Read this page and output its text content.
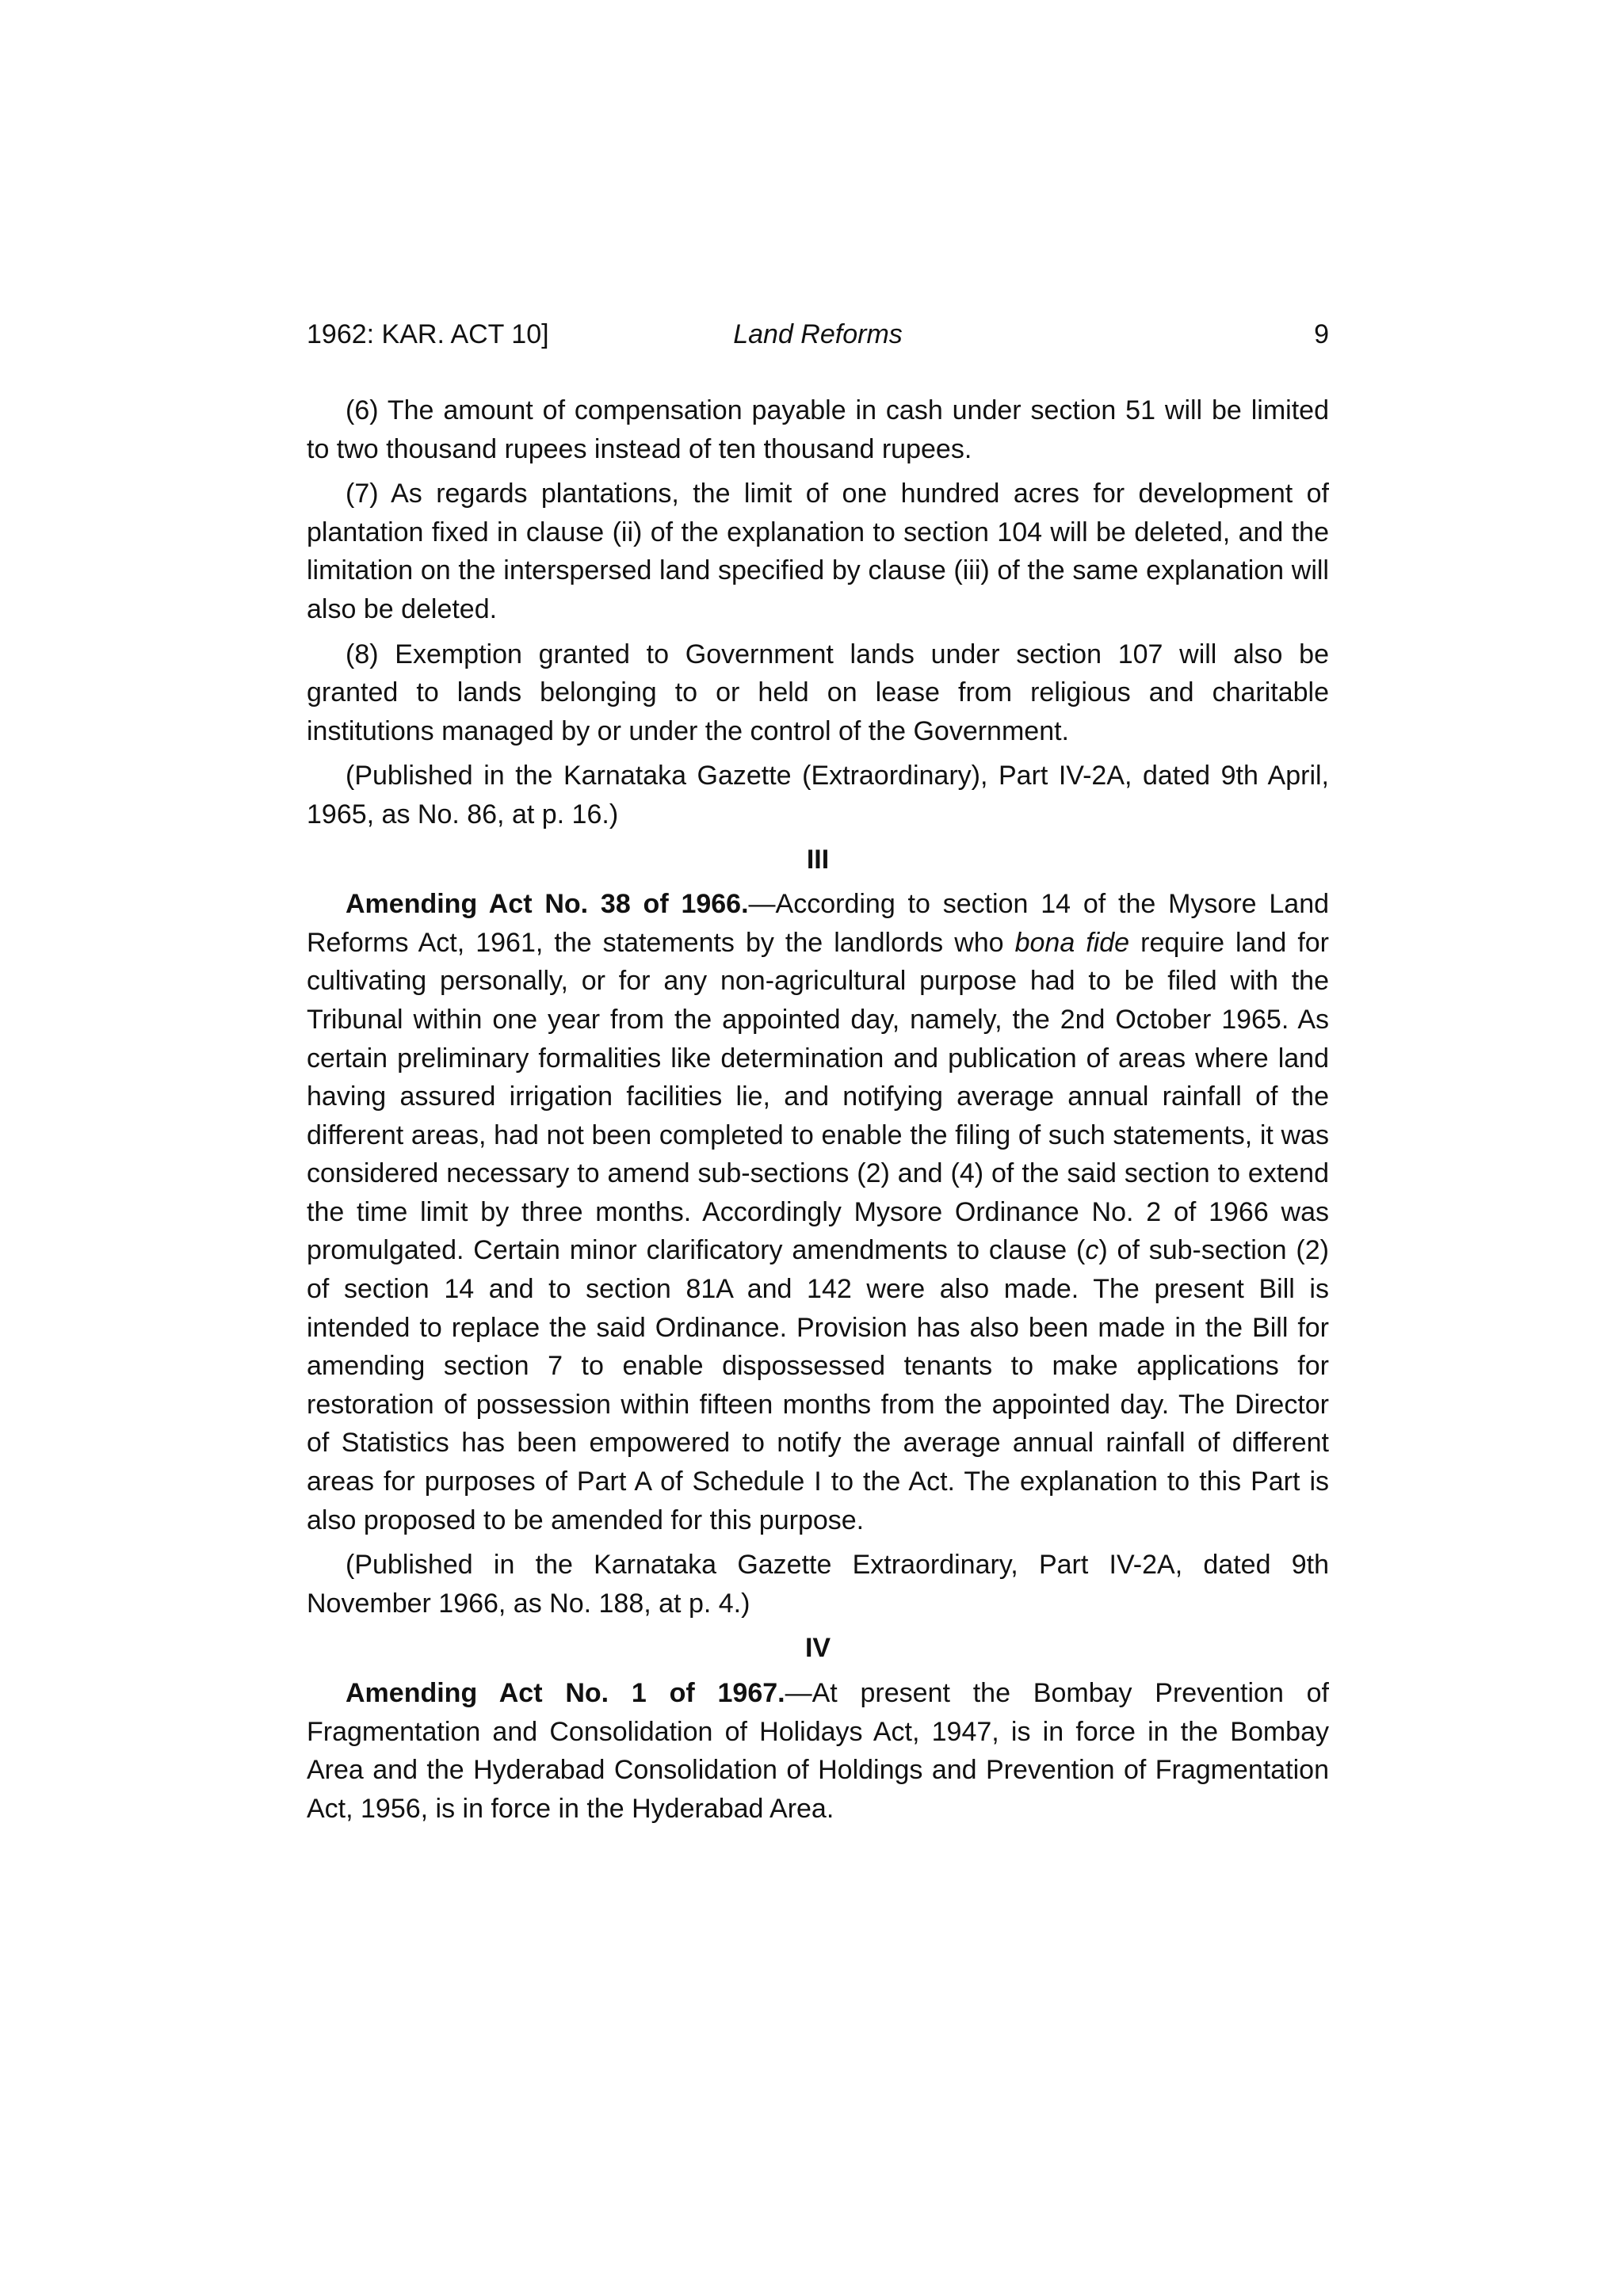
1962: KAR. ACT 10]	Land Reforms	9

(6) The amount of compensation payable in cash under section 51 will be limited to two thousand rupees instead of ten thousand rupees.

(7) As regards plantations, the limit of one hundred acres for development of plantation fixed in clause (ii) of the explanation to section 104 will be deleted, and the limitation on the interspersed land specified by clause (iii) of the same explanation will also be deleted.

(8) Exemption granted to Government lands under section 107 will also be granted to lands belonging to or held on lease from religious and charitable institutions managed by or under the control of the Government.

(Published in the Karnataka Gazette (Extraordinary), Part IV-2A, dated 9th April, 1965, as No. 86, at p. 16.)

III

Amending Act No. 38 of 1966.—According to section 14 of the Mysore Land Reforms Act, 1961, the statements by the landlords who bona fide require land for cultivating personally, or for any non-agricultural purpose had to be filed with the Tribunal within one year from the appointed day, namely, the 2nd October 1965. As certain preliminary formalities like determination and publication of areas where land having assured irrigation facilities lie, and notifying average annual rainfall of the different areas, had not been completed to enable the filing of such statements, it was considered necessary to amend sub-sections (2) and (4) of the said section to extend the time limit by three months. Accordingly Mysore Ordinance No. 2 of 1966 was promulgated. Certain minor clarificatory amendments to clause (c) of sub-section (2) of section 14 and to section 81A and 142 were also made. The present Bill is intended to replace the said Ordinance. Provision has also been made in the Bill for amending section 7 to enable dispossessed tenants to make applications for restoration of possession within fifteen months from the appointed day. The Director of Statistics has been empowered to notify the average annual rainfall of different areas for purposes of Part A of Schedule I to the Act. The explanation to this Part is also proposed to be amended for this purpose.

(Published in the Karnataka Gazette Extraordinary, Part IV-2A, dated 9th November 1966, as No. 188, at p. 4.)

IV

Amending Act No. 1 of 1967.—At present the Bombay Prevention of Fragmentation and Consolidation of Holidays Act, 1947, is in force in the Bombay Area and the Hyderabad Consolidation of Holdings and Prevention of Fragmentation Act, 1956, is in force in the Hyderabad Area.
